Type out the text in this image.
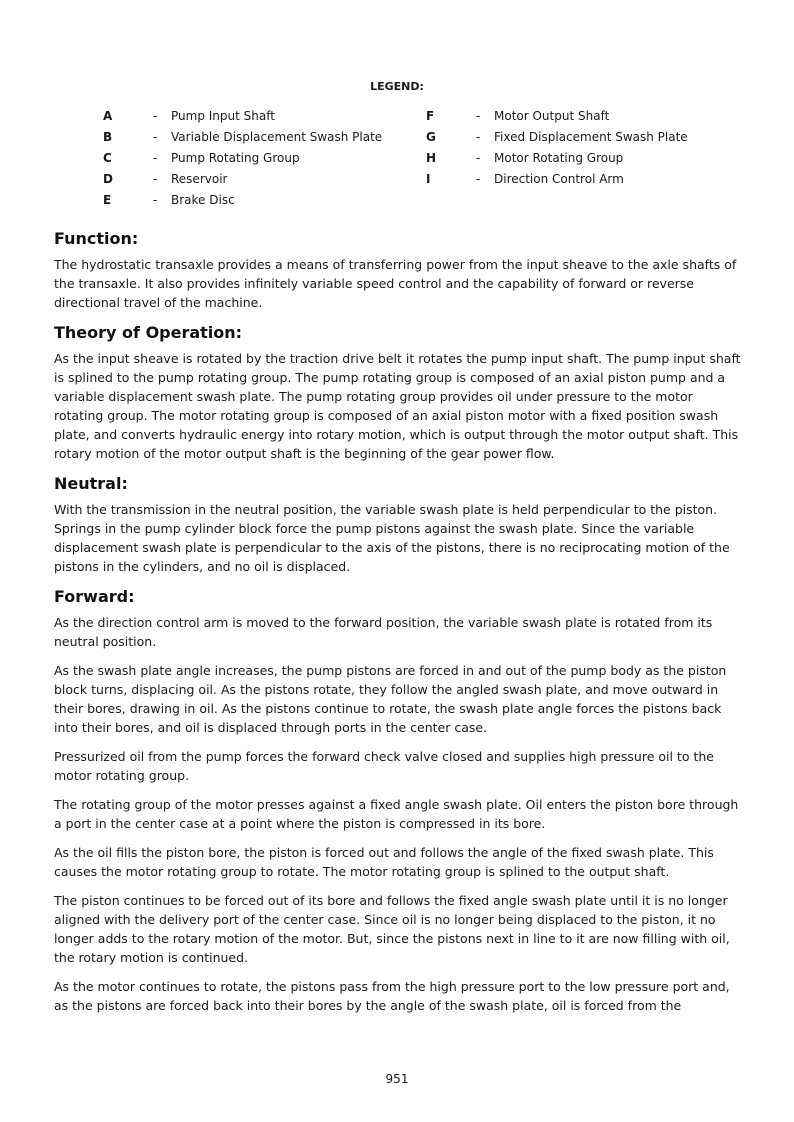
LEGEND:
A	- Pump Input Shaft
B	- Variable Displacement Swash Plate
C	- Pump Rotating Group
D	- Reservoir
E	- Brake Disc
F	- Motor Output Shaft
G	- Fixed Displacement Swash Plate
H	- Motor Rotating Group
I	- Direction Control Arm
Function:

The hydrostatic transaxle provides a means of transferring power from the input sheave to the axle shafts of the transaxle. It also provides infinitely variable speed control and the capability of forward or reverse directional travel of the machine.

Theory of Operation:

As the input sheave is rotated by the traction drive belt it rotates the pump input shaft. The pump input shaft is splined to the pump rotating group. The pump rotating group is composed of an axial piston pump and a variable displacement swash plate. The pump rotating group provides oil under pressure to the motor rotating group. The motor rotating group is composed of an axial piston motor with a fixed position swash plate, and converts hydraulic energy into rotary motion, which is output through the motor output shaft. This rotary motion of the motor output shaft is the beginning of the gear power flow.

Neutral:

With the transmission in the neutral position, the variable swash plate is held perpendicular to the piston. Springs in the pump cylinder block force the pump pistons against the swash plate. Since the variable displacement swash plate is perpendicular to the axis of the pistons, there is no reciprocating motion of the pistons in the cylinders, and no oil is displaced.

Forward:

As the direction control arm is moved to the forward position, the variable swash plate is rotated from its neutral position.

As the swash plate angle increases, the pump pistons are forced in and out of the pump body as the piston block turns, displacing oil. As the pistons rotate, they follow the angled swash plate, and move outward in their bores, drawing in oil. As the pistons continue to rotate, the swash plate angle forces the pistons back into their bores, and oil is displaced through ports in the center case.

Pressurized oil from the pump forces the forward check valve closed and supplies high pressure oil to the motor rotating group.

The rotating group of the motor presses against a fixed angle swash plate. Oil enters the piston bore through a port in the center case at a point where the piston is compressed in its bore.

As the oil fills the piston bore, the piston is forced out and follows the angle of the fixed swash plate. This causes the motor rotating group to rotate. The motor rotating group is splined to the output shaft.

The piston continues to be forced out of its bore and follows the fixed angle swash plate until it is no longer aligned with the delivery port of the center case. Since oil is no longer being displaced to the piston, it no longer adds to the rotary motion of the motor. But, since the pistons next in line to it are now filling with oil, the rotary motion is continued.

As the motor continues to rotate, the pistons pass from the high pressure port to the low pressure port and, as the pistons are forced back into their bores by the angle of the swash plate, oil is forced from the

951
